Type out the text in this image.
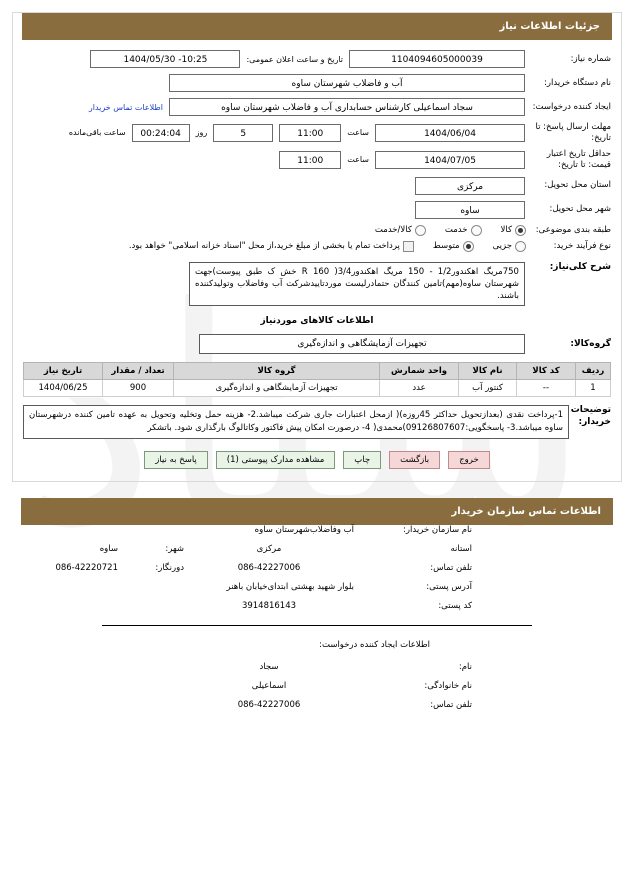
جزئیات اطلاعات نیاز
شماره نیاز:
1104094605000039
تاریخ و ساعت اعلان عمومی:
1404/05/30 -10:25
نام دستگاه خریدار:
آب و فاضلاب شهرستان ساوه
ایجاد کننده درخواست:
سجاد اسماعیلی کارشناس حسابداری آب و فاضلاب شهرستان ساوه
اطلاعات تماس خریدار
مهلت ارسال پاسخ: تا تاریخ:
1404/06/04
ساعت
11:00
5
روز
00:24:04
ساعت باقی‌مانده
حداقل تاریخ اعتبار قیمت: تا تاریخ:
1404/07/05
ساعت
11:00
استان محل تحویل:
مرکزی
شهر محل تحویل:
ساوه
طبقه بندی موضوعی:
کالا
خدمت
کالا/خدمت
نوع فرآیند خرید:
جزیی
متوسط
پرداخت تمام یا بخشی از مبلغ خرید،از محل "اسناد خزانه اسلامی" خواهد بود.
شرح کلی‌نیاز:
750مریگ ا‌هکندور1/2 - 150 مریگ ا‌هکندور3/4( R 160 خش ک طبق پیوست)جهت شهرستان ساوه(مهم)تامین کنندگان حتمادرلیست موردتاییدشرکت آب وفاضلاب وتولیدکننده باشند.
اطلاعات کالاهای موردنیاز
گروه‌کالا:
تجهیزات آزمایشگاهی و اندازه‌گیری
ردیف	کد کالا	نام کالا	واحد شمارش	گروه کالا	تعداد / مقدار	تاریخ نیاز
1	--	کنتور آب	عدد	تجهیزات آزمایشگاهی و اندازه‌گیری	900	1404/06/25
توضیحات خریدار:
1-پرداخت نقدی (بعدازتحویل حداکثر 45روزه)( ازمحل اعتبارات جاری شرکت میباشد.2- هزینه حمل وتخلیه وتحویل به عهده تامین کننده درشهرستان ساوه میباشد.3- پاسخگویی:09126807607)محمدی( 4- درصورت امکان پیش فاکتور وکاتالوگ بارگذاری شود. باتشکر
خروج
بازگشت
چاپ
مشاهده مدارک پیوستی (1)
پاسخ به نیاز
اطلاعات تماس سازمان خریدار
نام سازمان خریدار:
آب وفاضلاب‌شهرستان ساوه
استانه
مرکزی
شهر:
ساوه
تلفن تماس:
086-42227006
دورنگار:
086-42220721
آدرس پستی:
بلوار شهید بهشتی ابتدای‌خیابان باهنر
کد پستی:
3914816143
اطلاعات ایجاد کننده درخواست:
نام:
سجاد
نام خانوادگی:
اسماعیلی
تلفن تماس:
086-42227006
